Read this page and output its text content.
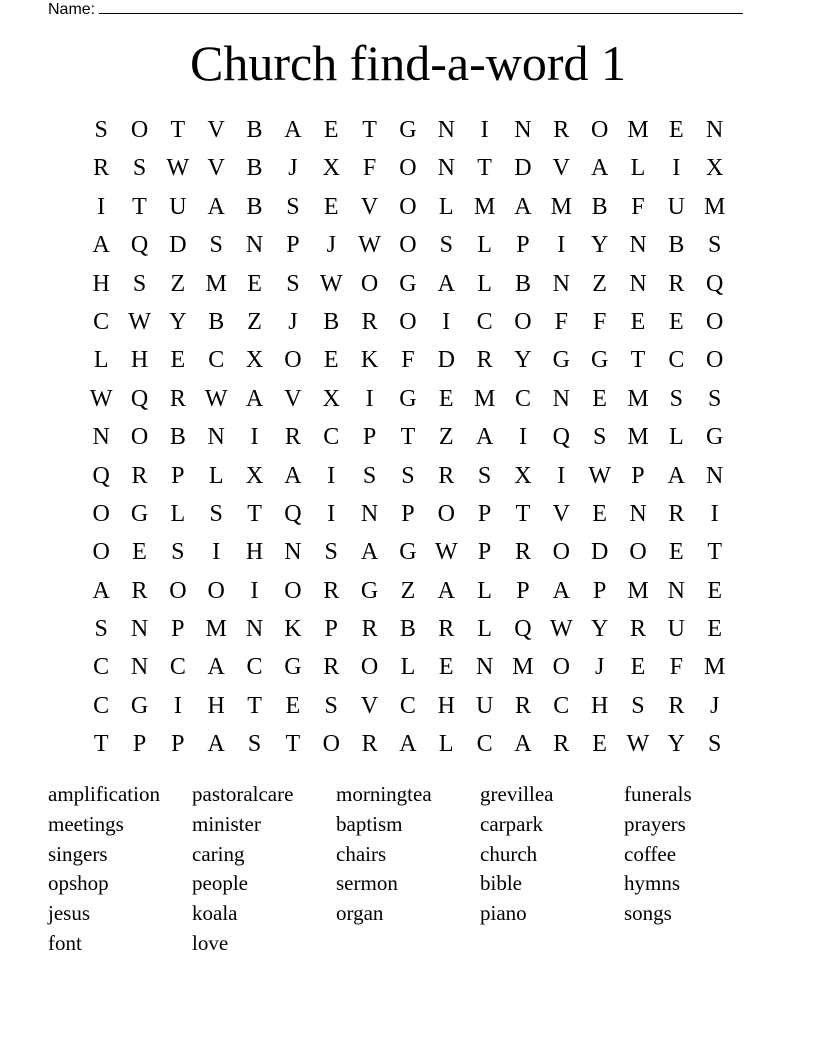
Name:
Church find-a-word 1
S O T V B A E T G N	I	N R O M E N
R S W V B	J	X F O N T D V A L	I	X
I	T U A B S	E V O L M A M B F U M
A Q D S N P	J W O S	L	P	I	Y N B S
H S	Z M E	S W O G A L B N Z N R Q
C W Y B Z	J	B R O	I	C O F	F	E E O
L H E C X O E K F D R Y G G T C O
W Q R W A V X	I	G E M C N E M S	S
N O B N	I	R C P	T Z A	I	Q S M L G
Q R P	L X A	I	S	S R S X	I W P A N
O G L	S	T Q	I	N P O P	T V E N R	I
O E	S	I	H N S A G W P R O D O E T
A R O O	I	O R G Z A L	P A P M N E
S N P M N K P R B R L Q W Y R U E
C N C A C G R O L E N M O	J	E	F M
C G	I	H T E	S V C H U R C H S R	J
T	P	P A S	T O R A L C A R E W Y S
amplification
meetings
singers
opshop
jesus
font
pastoralcare
minister
caring
people
koala
love
morningtea
baptism
chairs
sermon
organ
grevillea
carpark
church
bible
piano
funerals
prayers
coffee
hymns
songs
